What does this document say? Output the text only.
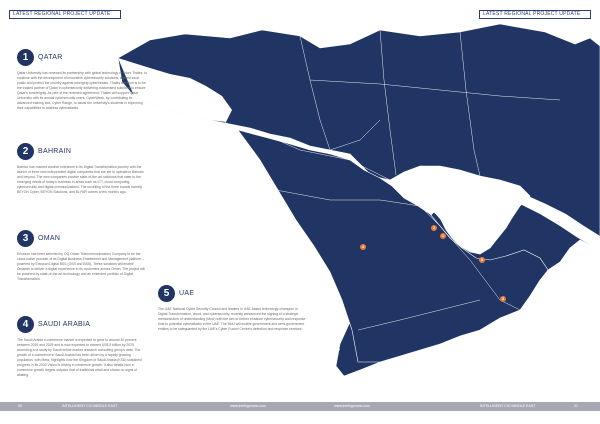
LATEST REGIONAL PROJECT UPDATE	LATEST REGIONAL PROJECT UPDATE
4
2
1
5
3
1	QATAR
Qatar University has renewed its partnership with global technology vendors Thales, to continue with the development of innovative cybersecurity solutions, against local public and protect the country against emerging cyberthreats. Thales ambition is to be the trusted partner of Qatar in cybersecurity delivering customised solutions to ensure Qatar's sovereignty. As part of the renewed agreement, Thales will support Qatar University with its annual cybersecurity event, CyberWeek, by contributing its advanced training tool, Cyber Range, to assist the university's students in improving their capabilities to address cyberattacks.
2	BAHRAIN
Batelco has marked another milestone in its Digital Transformation journey with the launch of three new independent digital companies that are set to operate in Bahrain and beyond. The new companies provide state-of-the-art solutions that cater to the emerging needs of today's business in areas such as ICT, cloud computing, cybersecurity and digital communications. The unveiling of the three brands namely BEYON Cyber, BEYON Solutions, and BLYNR comes a few months ago.
3	OMAN
Ericsson has been selected by OQ Oman Telecommunications Company to be the cloud-native provider of its Digital Business Enablement and Management platform – powered by Ericsson Digital BSS (OSS and BSS). These solutions will enable Omantel to deliver a digital experience to its customers across Oman. The project will be powered by state-of-the-art technology and an extended portfolio of Digital Transformation.
4	SAUDI ARABIA
The Saudi Arabia e-commerce market is expected to grow to around 40 percent between 2019 and 2025 and is now expected to exceed US$ 8 billion by 2025 according to a study by Saudi online market research consulting group's data. The growth of e-commerce in Saudi Arabia has been driven by a rapidly growing population, with Meta, highlights how the Kingdom of Saudi Arabia (KSA) sustained progress in its 2030 Vision is driving e-commerce growth. It also details how e-commerce growth targets outpace that of traditional retail and shows no signs of abating.
5	UAE
The UAE National Cyber Security Council and leaders in UAE-based technology champion in Digital Transformation, cloud, and cybersecurity, recently announced the signing of a strategic memorandum of understanding (MoU) with the aim to further enhance cybersecurity and response time to potential cyberattacks in the UAE. The MoU will enable government and semi-government entities to be safeguarded by the UAE's Cyber Fusion Centre's detection and response services.
30	INTELLIGENT CIO MIDDLE EAST	www.intelligentcio.com	www.intelligentcio.com	INTELLIGENT CIO MIDDLE EAST	31
